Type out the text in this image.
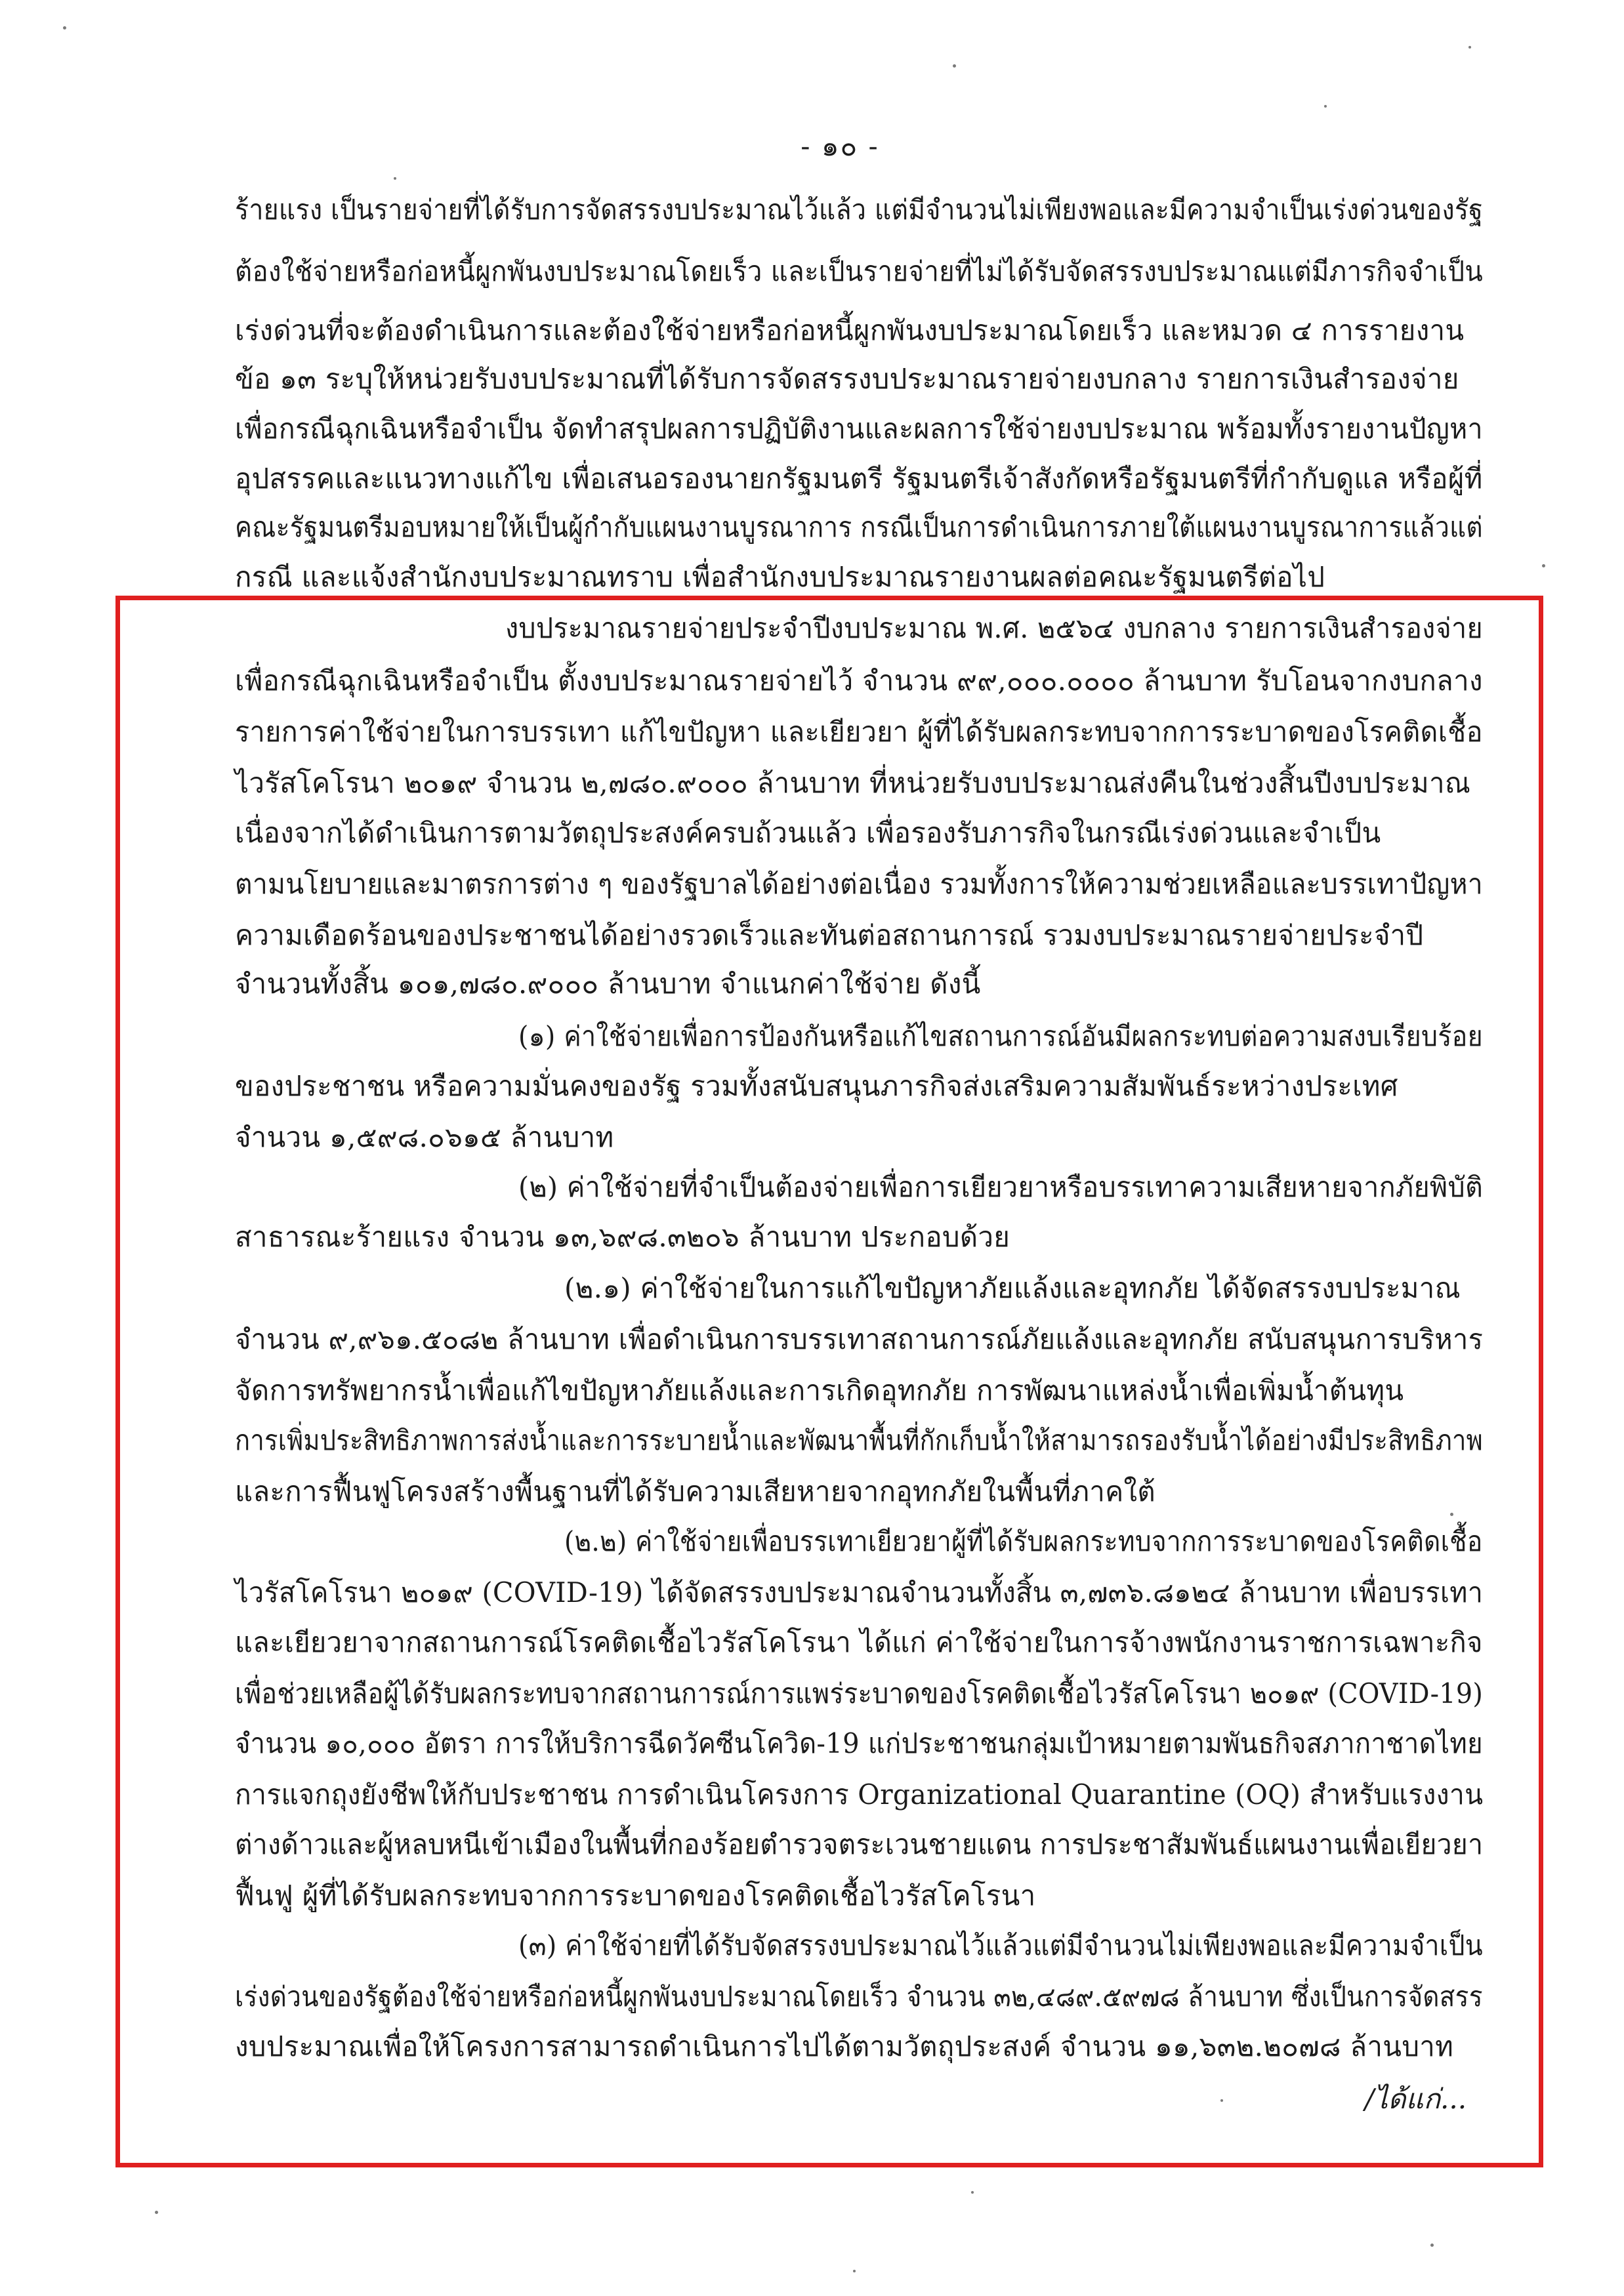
- ๑๐ -
ร้ายแรง เป็นรายจ่ายที่ได้รับการจัดสรรงบประมาณไว้แล้ว แต่มีจำนวนไม่เพียงพอและมีความจำเป็นเร่งด่วนของรัฐ
ต้องใช้จ่ายหรือก่อหนี้ผูกพันงบประมาณโดยเร็ว และเป็นรายจ่ายที่ไม่ได้รับจัดสรรงบประมาณแต่มีภารกิจจำเป็น
เร่งด่วนที่จะต้องดำเนินการและต้องใช้จ่ายหรือก่อหนี้ผูกพันงบประมาณโดยเร็ว และหมวด ๔ การรายงาน
ข้อ ๑๓ ระบุให้หน่วยรับงบประมาณที่ได้รับการจัดสรรงบประมาณรายจ่ายงบกลาง รายการเงินสำรองจ่าย
เพื่อกรณีฉุกเฉินหรือจำเป็น จัดทำสรุปผลการปฏิบัติงานและผลการใช้จ่ายงบประมาณ พร้อมทั้งรายงานปัญหา
อุปสรรคและแนวทางแก้ไข เพื่อเสนอรองนายกรัฐมนตรี รัฐมนตรีเจ้าสังกัดหรือรัฐมนตรีที่กำกับดูแล หรือผู้ที่
คณะรัฐมนตรีมอบหมายให้เป็นผู้กำกับแผนงานบูรณาการ กรณีเป็นการดำเนินการภายใต้แผนงานบูรณาการแล้วแต่
กรณี และแจ้งสำนักงบประมาณทราบ เพื่อสำนักงบประมาณรายงานผลต่อคณะรัฐมนตรีต่อไป
งบประมาณรายจ่ายประจำปีงบประมาณ พ.ศ. ๒๕๖๔ งบกลาง รายการเงินสำรองจ่าย
เพื่อกรณีฉุกเฉินหรือจำเป็น ตั้งงบประมาณรายจ่ายไว้ จำนวน ๙๙,๐๐๐.๐๐๐๐ ล้านบาท รับโอนจากงบกลาง
รายการค่าใช้จ่ายในการบรรเทา แก้ไขปัญหา และเยียวยา ผู้ที่ได้รับผลกระทบจากการระบาดของโรคติดเชื้อ
ไวรัสโคโรนา ๒๐๑๙ จำนวน ๒,๗๘๐.๙๐๐๐ ล้านบาท ที่หน่วยรับงบประมาณส่งคืนในช่วงสิ้นปีงบประมาณ
เนื่องจากได้ดำเนินการตามวัตถุประสงค์ครบถ้วนแล้ว เพื่อรองรับภารกิจในกรณีเร่งด่วนและจำเป็น
ตามนโยบายและมาตรการต่าง ๆ ของรัฐบาลได้อย่างต่อเนื่อง รวมทั้งการให้ความช่วยเหลือและบรรเทาปัญหา
ความเดือดร้อนของประชาชนได้อย่างรวดเร็วและทันต่อสถานการณ์ รวมงบประมาณรายจ่ายประจำปี
จำนวนทั้งสิ้น ๑๐๑,๗๘๐.๙๐๐๐ ล้านบาท จำแนกค่าใช้จ่าย ดังนี้
(๑) ค่าใช้จ่ายเพื่อการป้องกันหรือแก้ไขสถานการณ์อันมีผลกระทบต่อความสงบเรียบร้อย
ของประชาชน หรือความมั่นคงของรัฐ รวมทั้งสนับสนุนภารกิจส่งเสริมความสัมพันธ์ระหว่างประเทศ
จำนวน ๑,๕๙๘.๐๖๑๕ ล้านบาท
(๒) ค่าใช้จ่ายที่จำเป็นต้องจ่ายเพื่อการเยียวยาหรือบรรเทาความเสียหายจากภัยพิบัติ
สาธารณะร้ายแรง จำนวน ๑๓,๖๙๘.๓๒๐๖ ล้านบาท ประกอบด้วย
(๒.๑) ค่าใช้จ่ายในการแก้ไขปัญหาภัยแล้งและอุทกภัย ได้จัดสรรงบประมาณ
จำนวน ๙,๙๖๑.๕๐๘๒ ล้านบาท เพื่อดำเนินการบรรเทาสถานการณ์ภัยแล้งและอุทกภัย สนับสนุนการบริหาร
จัดการทรัพยากรน้ำเพื่อแก้ไขปัญหาภัยแล้งและการเกิดอุทกภัย การพัฒนาแหล่งน้ำเพื่อเพิ่มน้ำต้นทุน
การเพิ่มประสิทธิภาพการส่งน้ำและการระบายน้ำและพัฒนาพื้นที่กักเก็บน้ำให้สามารถรองรับน้ำได้อย่างมีประสิทธิภาพ
และการฟื้นฟูโครงสร้างพื้นฐานที่ได้รับความเสียหายจากอุทกภัยในพื้นที่ภาคใต้
(๒.๒) ค่าใช้จ่ายเพื่อบรรเทาเยียวยาผู้ที่ได้รับผลกระทบจากการระบาดของโรคติดเชื้อ
ไวรัสโคโรนา ๒๐๑๙ (COVID-19) ได้จัดสรรงบประมาณจำนวนทั้งสิ้น ๓,๗๓๖.๘๑๒๔ ล้านบาท เพื่อบรรเทา
และเยียวยาจากสถานการณ์โรคติดเชื้อไวรัสโคโรนา ได้แก่ ค่าใช้จ่ายในการจ้างพนักงานราชการเฉพาะกิจ
เพื่อช่วยเหลือผู้ได้รับผลกระทบจากสถานการณ์การแพร่ระบาดของโรคติดเชื้อไวรัสโคโรนา ๒๐๑๙ (COVID-19)
จำนวน ๑๐,๐๐๐ อัตรา การให้บริการฉีดวัคซีนโควิด-19 แก่ประชาชนกลุ่มเป้าหมายตามพันธกิจสภากาชาดไทย
การแจกถุงยังชีพให้กับประชาชน การดำเนินโครงการ Organizational Quarantine (OQ) สำหรับแรงงาน
ต่างด้าวและผู้หลบหนีเข้าเมืองในพื้นที่กองร้อยตำรวจตระเวนชายแดน การประชาสัมพันธ์แผนงานเพื่อเยียวยา
ฟื้นฟู ผู้ที่ได้รับผลกระทบจากการระบาดของโรคติดเชื้อไวรัสโคโรนา
(๓) ค่าใช้จ่ายที่ได้รับจัดสรรงบประมาณไว้แล้วแต่มีจำนวนไม่เพียงพอและมีความจำเป็น
เร่งด่วนของรัฐต้องใช้จ่ายหรือก่อหนี้ผูกพันงบประมาณโดยเร็ว จำนวน ๓๒,๔๘๙.๕๙๗๘ ล้านบาท ซึ่งเป็นการจัดสรร
งบประมาณเพื่อให้โครงการสามารถดำเนินการไปได้ตามวัตถุประสงค์ จำนวน ๑๑,๖๓๒.๒๐๗๘ ล้านบาท
/ได้แก่...
